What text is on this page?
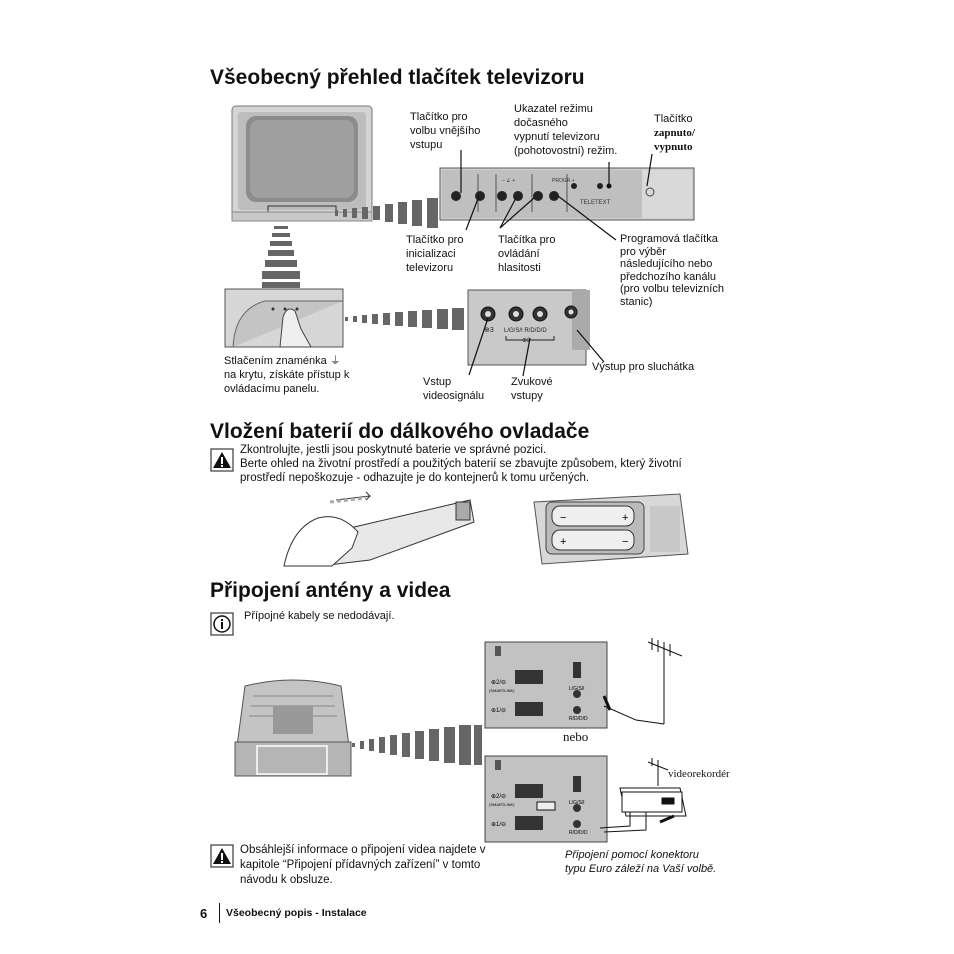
Všeobecný přehled tlačítek televizoru
TELETEXT
PROGR +
− ∠ +
Tlačítko pro
volbu vnějšího
vstupu
Ukazatel režimu
dočasného
vypnutí televizoru
(pohotovostní) režim.
Tlačítko
zapnuto/
vypnuto
Tlačítko pro
inicializaci
televizoru
Tlačítka pro
ovládání
hlasitosti
Programová tlačítka
pro výběr
následujícího nebo
předchozího kanálu
(pro volbu televizních
stanic)
⊕3 L/G/S/I R/D/D/D
⊕3
Stlačením znaménka ⏚
na krytu, získáte přístup k
ovládacímu panelu.
Vstup
videosignálu
Zvukové
vstupy
Výstup pro sluchátka
Vložení baterií do dálkového ovladače
Zkontrolujte, jestli jsou poskytnuté baterie ve správné pozici.
Berte ohled na životní prostředí a použitých baterií se zbavujte způsobem, který životní
prostředí nepoškozuje - odhazujte je do kontejnerů k tomu určených.
−	+
+	−
Připojení antény a videa
Přípojné kabely se nedodávají.
⊕2/⊖
(SMARTLINK)
⊕1/⊖
L/G/S/I
R/D/D/D
nebo
⊕2/⊖
(SMARTLINK)
⊕1/⊖
L/G/S/I
R/D/D/D
videorekordér
Připojení pomocí konektoru
typu Euro záleží na Vaší volbě.
Obsáhlejší informace o připojení videa najdete v
kapitole “Připojení přídavných zařízení” v tomto
návodu k obsluze.
6 Všeobecný popis - Instalace
